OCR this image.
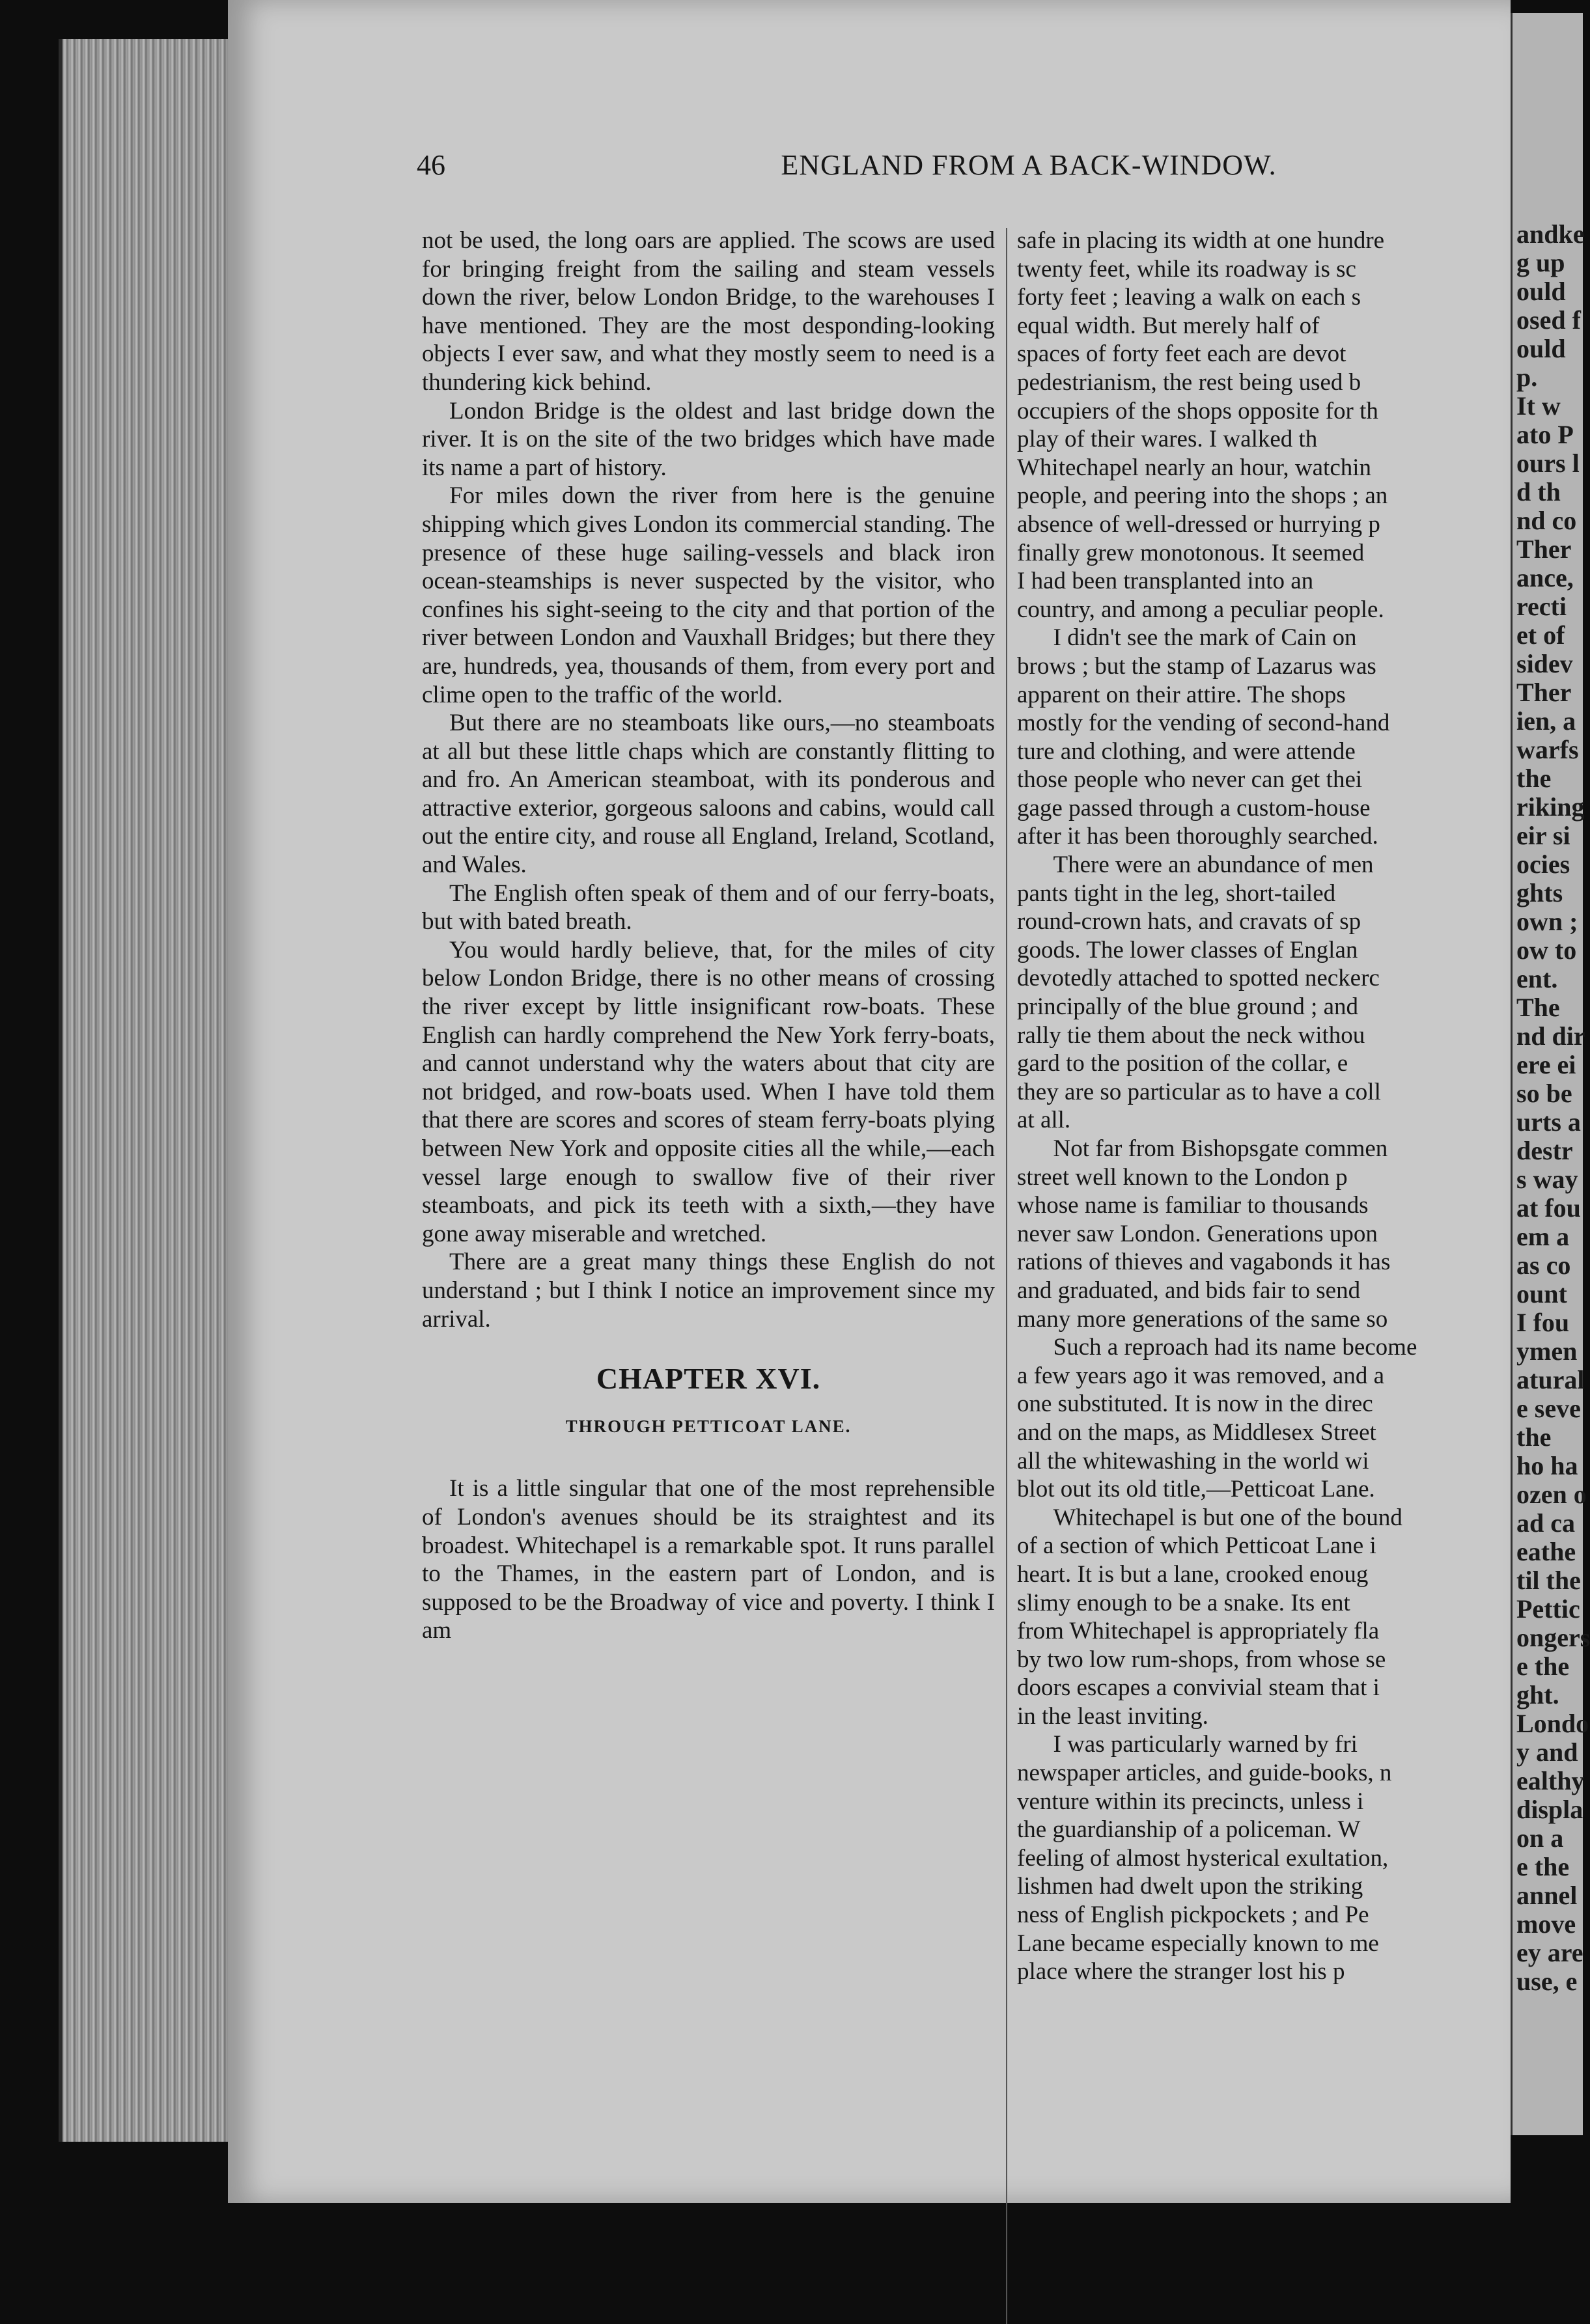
46	ENGLAND FROM A BACK-WINDOW.

not be used, the long oars are applied. The scows are used for bringing freight from the sailing and steam vessels down the river, below London Bridge, to the warehouses I have mentioned. They are the most desponding-looking objects I ever saw, and what they mostly seem to need is a thundering kick behind.

London Bridge is the oldest and last bridge down the river. It is on the site of the two bridges which have made its name a part of history.

For miles down the river from here is the genuine shipping which gives London its commercial standing. The presence of these huge sailing-vessels and black iron ocean-steamships is never suspected by the visitor, who confines his sight-seeing to the city and that portion of the river between London and Vauxhall Bridges; but there they are, hundreds, yea, thousands of them, from every port and clime open to the traffic of the world.

But there are no steamboats like ours,—no steamboats at all but these little chaps which are constantly flitting to and fro. An American steamboat, with its ponderous and attractive exterior, gorgeous saloons and cabins, would call out the entire city, and rouse all England, Ireland, Scotland, and Wales.

The English often speak of them and of our ferry-boats, but with bated breath.

You would hardly believe, that, for the miles of city below London Bridge, there is no other means of crossing the river except by little insignificant row-boats. These English can hardly comprehend the New York ferry-boats, and cannot understand why the waters about that city are not bridged, and row-boats used. When I have told them that there are scores and scores of steam ferry-boats plying between New York and opposite cities all the while,—each vessel large enough to swallow five of their river steamboats, and pick its teeth with a sixth,—they have gone away miserable and wretched.

There are a great many things these English do not understand ; but I think I notice an improvement since my arrival.

CHAPTER XVI.
THROUGH PETTICOAT LANE.

It is a little singular that one of the most reprehensible of London's avenues should be its straightest and its broadest. Whitechapel is a remarkable spot. It runs parallel to the Thames, in the eastern part of London, and is supposed to be the Broadway of vice and poverty. I think I am

safe in placing its width at one hundre
twenty feet, while its roadway is sc
forty feet ; leaving a walk on each s
equal width. But merely half of
spaces of forty feet each are devot
pedestrianism, the rest being used b
occupiers of the shops opposite for th
play of their wares. I walked th
Whitechapel nearly an hour, watchin
people, and peering into the shops ; an
absence of well-dressed or hurrying p
finally grew monotonous. It seemed
I had been transplanted into an
country, and among a peculiar people.
  I didn't see the mark of Cain on
brows ; but the stamp of Lazarus was
apparent on their attire. The shops
mostly for the vending of second-hand
ture and clothing, and were attende
those people who never can get thei
gage passed through a custom-house
after it has been thoroughly searched.
  There were an abundance of men
pants tight in the leg, short-tailed
round-crown hats, and cravats of sp
goods. The lower classes of Englan
devotedly attached to spotted neckerc
principally of the blue ground ; and
rally tie them about the neck withou
gard to the position of the collar, e
they are so particular as to have a coll
at all.
  Not far from Bishopsgate commen
street well known to the London p
whose name is familiar to thousands
never saw London. Generations upon
rations of thieves and vagabonds it has
and graduated, and bids fair to send
many more generations of the same so
  Such a reproach had its name become
a few years ago it was removed, and a
one substituted. It is now in the direc
and on the maps, as Middlesex Street
all the whitewashing in the world wi
blot out its old title,—Petticoat Lane.
  Whitechapel is but one of the bound
of a section of which Petticoat Lane i
heart. It is but a lane, crooked enoug
slimy enough to be a snake. Its ent
from Whitechapel is appropriately fla
by two low rum-shops, from whose se
doors escapes a convivial steam that i
in the least inviting.
  I was particularly warned by fri
newspaper articles, and guide-books, n
venture within its precincts, unless i
the guardianship of a policeman. W
feeling of almost hysterical exultation,
lishmen had dwelt upon the striking
ness of English pickpockets ; and Pe
Lane became especially known to me
place where the stranger lost his p
andke
g up
ould
osed f
ould
p.
It w
ato P
ours l
d th
nd co
Ther
ance,
recti
et of
sidev
Ther
ien, a
warfs
the
riking
eir si
ocies
ghts
own ;
ow to
ent.
The
nd dir
ere ei
so be
urts a
destr
s way
at fou
em a
as co
ount
I fou
ymen
atural
e seve
the
ho ha
ozen o
ad ca
eathe
til the
Pettic
ongers
e the
ght.
Londo
y and
ealthy
displa
on a
e the
annel
move
ey are
use, e
